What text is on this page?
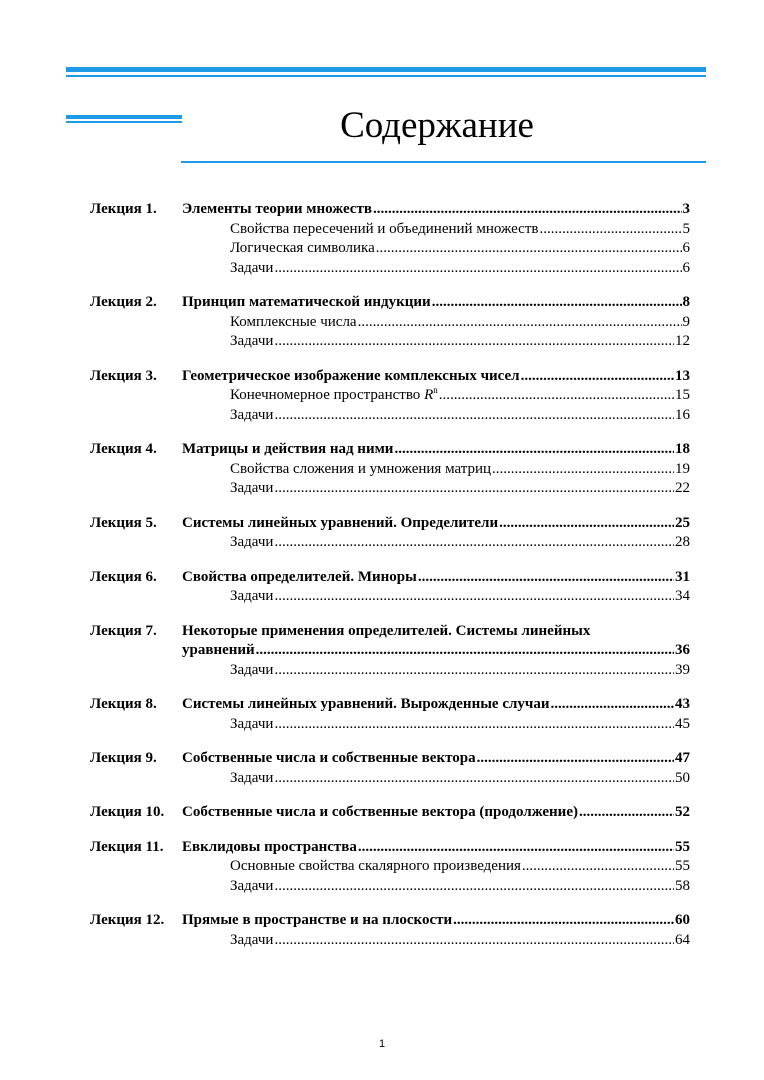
Содержание
Лекция 1.	Элементы теории множеств .....	3
Свойства пересечений и объединений множеств .....	5
Логическая символика .....	6
Задачи .....	6
Лекция 2.	Принцип математической индукции .....	8
Комплексные числа .....	9
Задачи .....	12
Лекция 3.	Геометрическое изображение комплексных чисел .....	13
Конечномерное пространство $R^n$ .....	15
Задачи .....	16
Лекция 4.	Матрицы и действия над ними .....	18
Свойства сложения и умножения матриц .....	19
Задачи .....	22
Лекция 5.	Системы линейных уравнений. Определители .....	25
Задачи .....	28
Лекция 6.	Свойства определителей. Миноры .....	31
Задачи .....	34
Лекция 7.	Некоторые применения определителей. Системы линейных
уравнений .....	36
Задачи .....	39
Лекция 8.	Системы линейных уравнений. Вырожденные случаи .....	43
Задачи .....	45
Лекция 9.	Собственные числа и собственные вектора .....	47
Задачи .....	50
Лекция 10.	Собственные числа и собственные вектора (продолжение) .....	52
Лекция 11.	Евклидовы пространства .....	55
Основные свойства скалярного произведения .....	55
Задачи .....	58
Лекция 12.	Прямые в пространстве и на плоскости .....	60
Задачи .....	64
1
